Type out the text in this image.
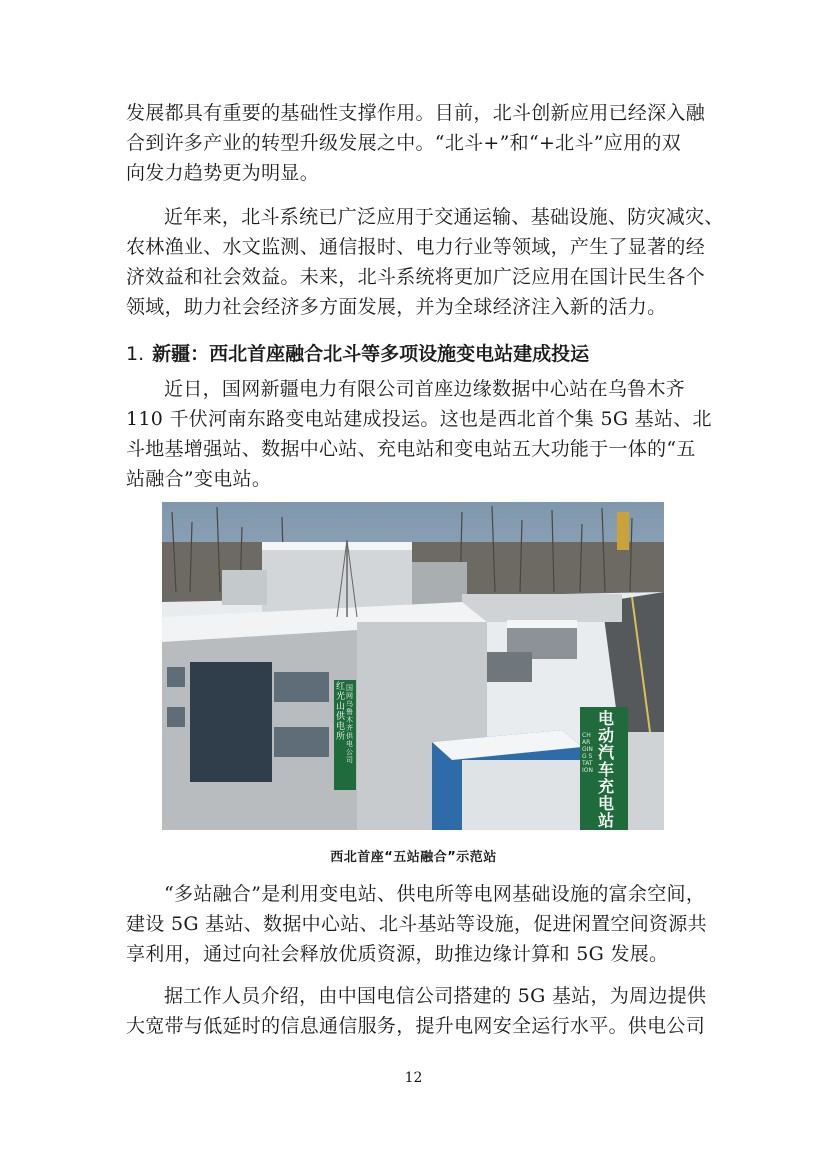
发展都具有重要的基础性支撑作用。目前，北斗创新应用已经深入融
合到许多产业的转型升级发展之中。“北斗+”和“+北斗”应用的双
向发力趋势更为明显。

近年来，北斗系统已广泛应用于交通运输、基础设施、防灾减灾、
农林渔业、水文监测、通信报时、电力行业等领域，产生了显著的经
济效益和社会效益。未来，北斗系统将更加广泛应用在国计民生各个
领域，助力社会经济多方面发展，并为全球经济注入新的活力。

1. 新疆：西北首座融合北斗等多项设施变电站建成投运

近日，国网新疆电力有限公司首座边缘数据中心站在乌鲁木齐
110 千伏河南东路变电站建成投运。这也是西北首个集 5G 基站、北
斗地基增强站、数据中心站、充电站和变电站五大功能于一体的“五
站融合”变电站。

红光山供电所
国网乌鲁木齐供电公司
电动汽车充电站
CHARGING STATION
西北首座“五站融合”示范站

“多站融合”是利用变电站、供电所等电网基础设施的富余空间，
建设 5G 基站、数据中心站、北斗基站等设施，促进闲置空间资源共
享利用，通过向社会释放优质资源，助推边缘计算和 5G 发展。

据工作人员介绍，由中国电信公司搭建的 5G 基站，为周边提供
大宽带与低延时的信息通信服务，提升电网安全运行水平。供电公司

12
